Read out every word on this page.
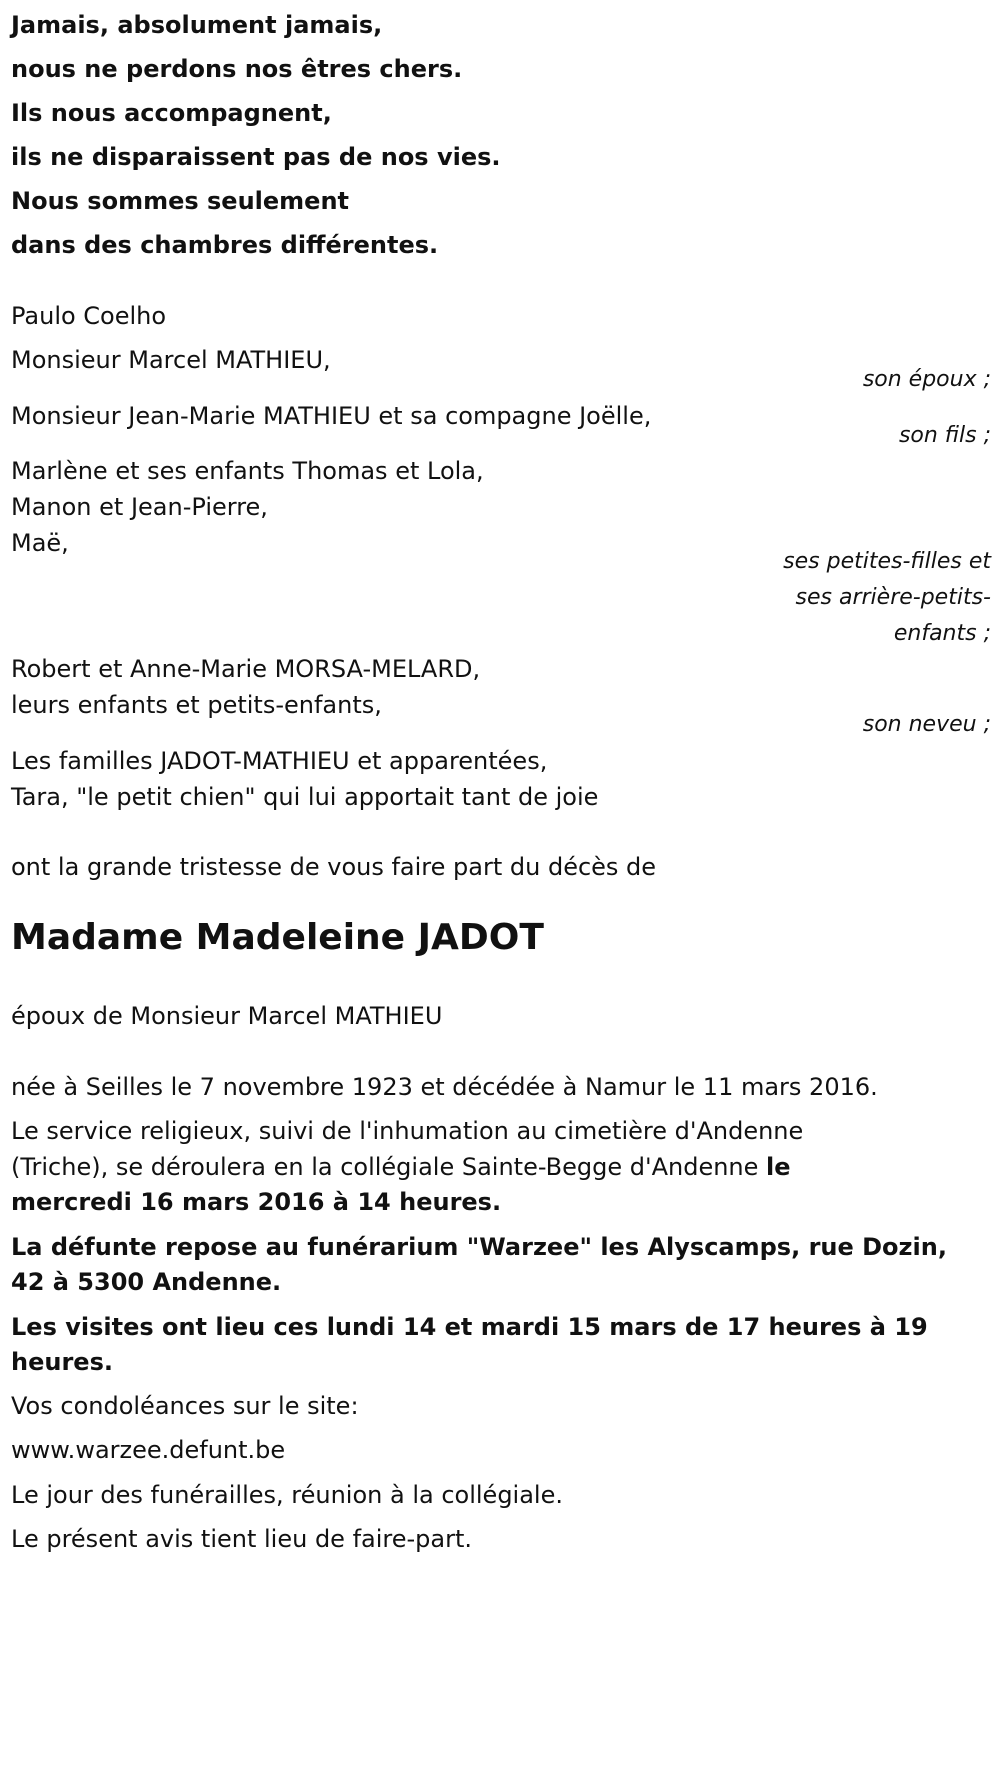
Jamais, absolument jamais,

nous ne perdons nos êtres chers.

Ils nous accompagnent,

ils ne disparaissent pas de nos vies.

Nous sommes seulement

dans des chambres différentes.

Paulo Coelho

Monsieur Marcel MATHIEU,

son époux ;

Monsieur Jean-Marie MATHIEU et sa compagne Joëlle,

son fils ;

Marlène et ses enfants Thomas et Lola,

Manon et Jean-Pierre,

Maë,

ses petites-filles et

ses arrière-petits-

enfants ;

Robert et Anne-Marie MORSA-MELARD,

leurs enfants et petits-enfants,

son neveu ;

Les familles JADOT-MATHIEU et apparentées,

Tara, "le petit chien" qui lui apportait tant de joie

ont la grande tristesse de vous faire part du décès de

Madame Madeleine JADOT

époux de Monsieur Marcel MATHIEU

née à Seilles le 7 novembre 1923 et décédée à Namur le 11 mars 2016.

Le service religieux, suivi de l'inhumation au cimetière d'Andenne

(Triche), se déroulera en la collégiale Sainte-Begge d'Andenne le

mercredi 16 mars 2016 à 14 heures.

La défunte repose au funérarium "Warzee" les Alyscamps, rue Dozin,

42 à 5300 Andenne.

Les visites ont lieu ces lundi 14 et mardi 15 mars de 17 heures à 19

heures.

Vos condoléances sur le site:

www.warzee.defunt.be

Le jour des funérailles, réunion à la collégiale.

Le présent avis tient lieu de faire-part.
